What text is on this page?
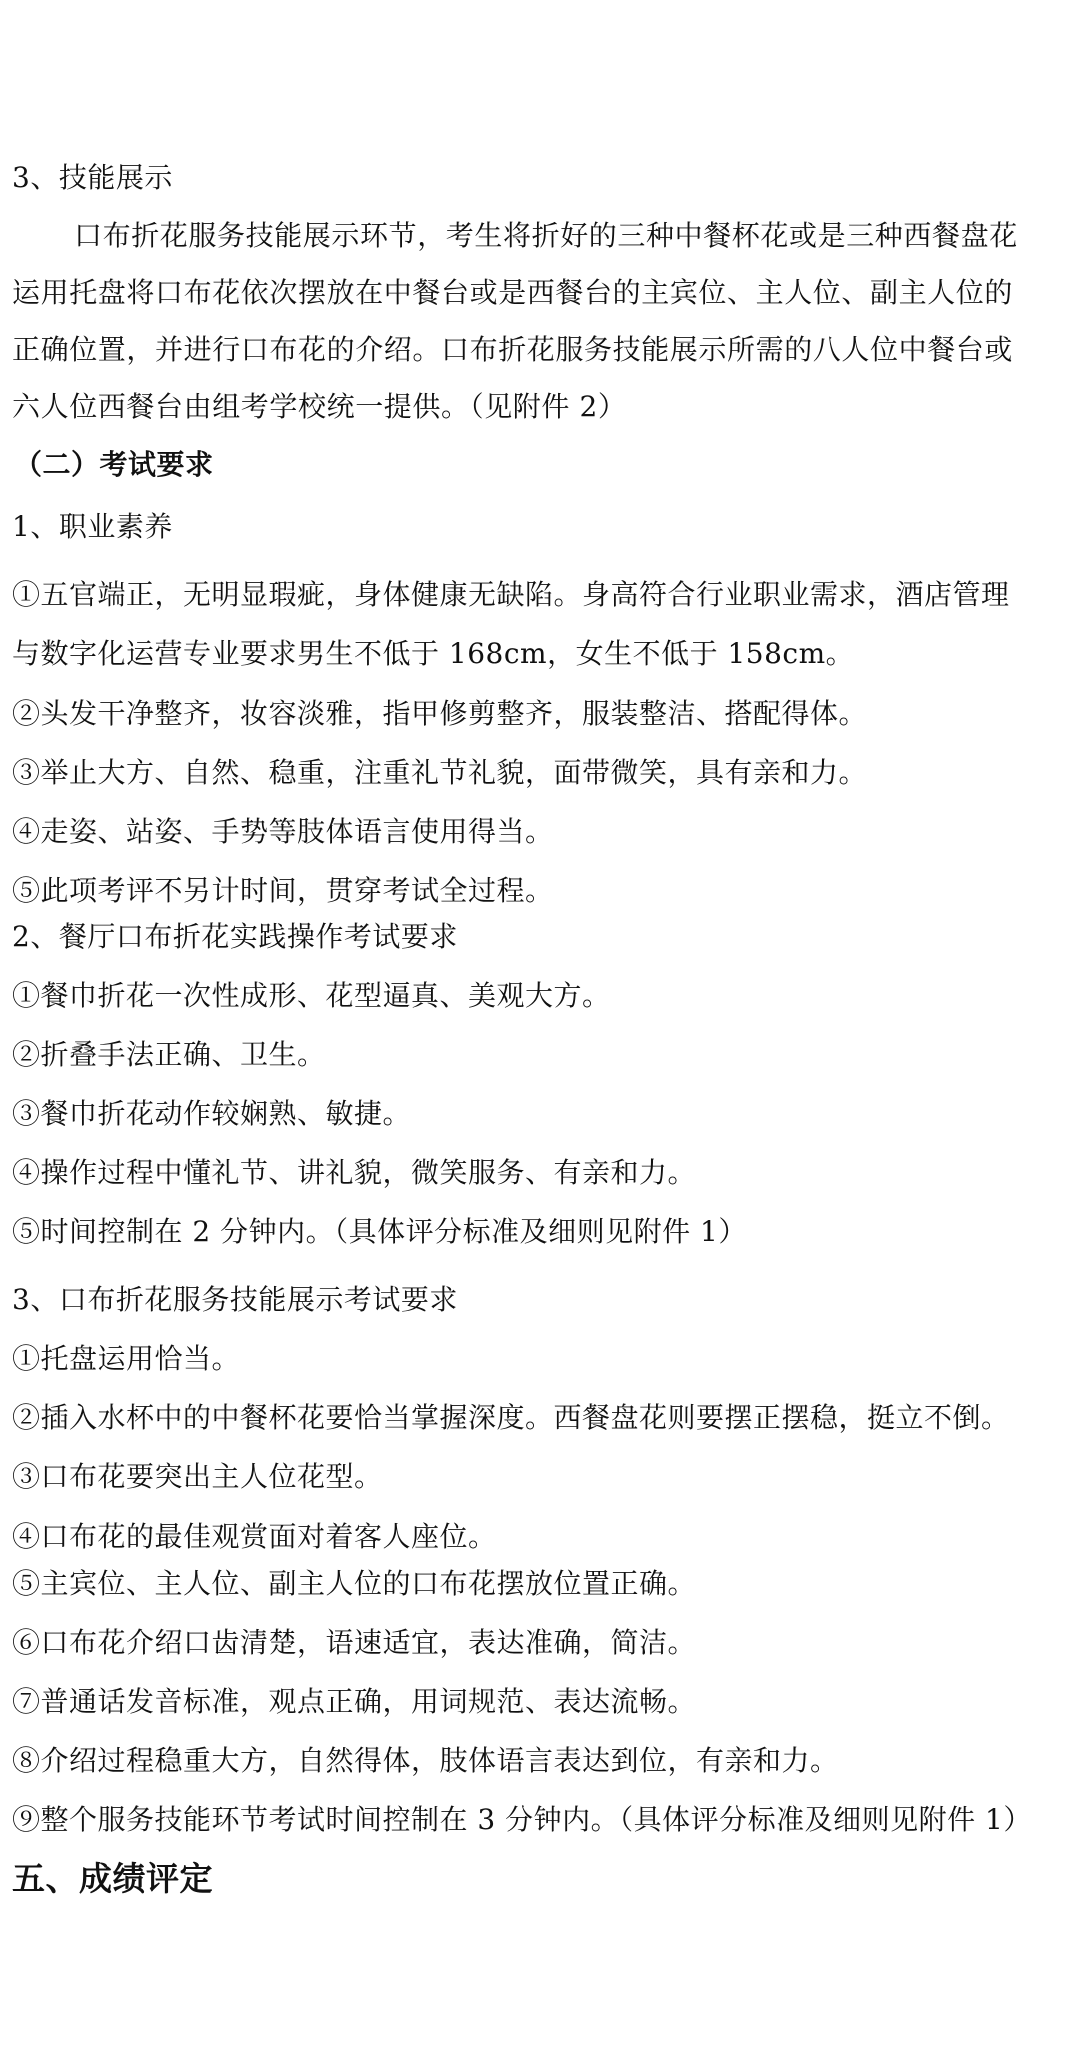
3、技能展示

口布折花服务技能展示环节，考生将折好的三种中餐杯花或是三种西餐盘花

运用托盘将口布花依次摆放在中餐台或是西餐台的主宾位、主人位、副主人位的

正确位置，并进行口布花的介绍。口布折花服务技能展示所需的八人位中餐台或

六人位西餐台由组考学校统一提供。（见附件 2）

（二）考试要求

1、职业素养

①五官端正，无明显瑕疵，身体健康无缺陷。身高符合行业职业需求，酒店管理

与数字化运营专业要求男生不低于 168cm，女生不低于 158cm。

②头发干净整齐，妆容淡雅，指甲修剪整齐，服装整洁、搭配得体。

③举止大方、自然、稳重，注重礼节礼貌，面带微笑，具有亲和力。

④走姿、站姿、手势等肢体语言使用得当。

⑤此项考评不另计时间，贯穿考试全过程。

2、餐厅口布折花实践操作考试要求

①餐巾折花一次性成形、花型逼真、美观大方。

②折叠手法正确、卫生。

③餐巾折花动作较娴熟、敏捷。

④操作过程中懂礼节、讲礼貌，微笑服务、有亲和力。

⑤时间控制在 2 分钟内。（具体评分标准及细则见附件 1）

3、口布折花服务技能展示考试要求

①托盘运用恰当。

②插入水杯中的中餐杯花要恰当掌握深度。西餐盘花则要摆正摆稳，挺立不倒。

③口布花要突出主人位花型。

④口布花的最佳观赏面对着客人座位。

⑤主宾位、主人位、副主人位的口布花摆放位置正确。

⑥口布花介绍口齿清楚，语速适宜，表达准确，简洁。

⑦普通话发音标准，观点正确，用词规范、表达流畅。

⑧介绍过程稳重大方，自然得体，肢体语言表达到位，有亲和力。

⑨整个服务技能环节考试时间控制在 3 分钟内。（具体评分标准及细则见附件 1）

五、成绩评定
